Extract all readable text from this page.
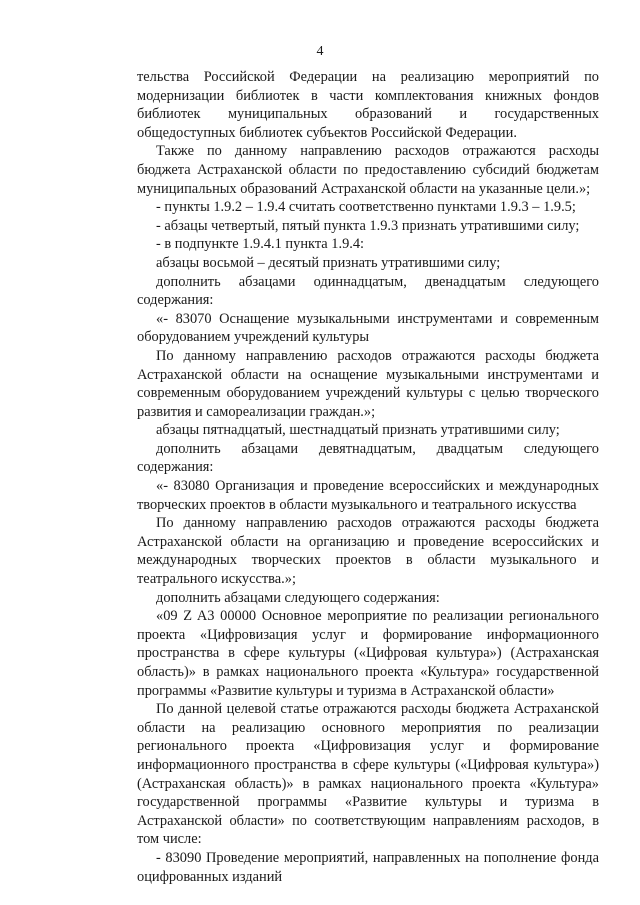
4

тельства Российской Федерации на реализацию мероприятий по модернизации библиотек в части комплектования книжных фондов библиотек муниципальных образований и государственных общедоступных библиотек субъектов Российской Федерации.

Также по данному направлению расходов отражаются расходы бюджета Астраханской области по предоставлению субсидий бюджетам муниципальных образований Астраханской области на указанные цели.»;

- пункты 1.9.2 – 1.9.4 считать соответственно пунктами 1.9.3 – 1.9.5;

- абзацы четвертый, пятый пункта 1.9.3 признать утратившими силу;

- в подпункте 1.9.4.1 пункта 1.9.4:

абзацы восьмой – десятый признать утратившими силу;

дополнить абзацами одиннадцатым, двенадцатым следующего содержания:

«- 83070 Оснащение музыкальными инструментами и современным оборудованием учреждений культуры

По данному направлению расходов отражаются расходы бюджета Астраханской области на оснащение музыкальными инструментами и современным оборудованием учреждений культуры с целью творческого развития и самореализации граждан.»;

абзацы пятнадцатый, шестнадцатый признать утратившими силу;

дополнить абзацами девятнадцатым, двадцатым следующего содержания:

«- 83080 Организация и проведение всероссийских и международных творческих проектов в области музыкального и театрального искусства

По данному направлению расходов отражаются расходы бюджета Астраханской области на организацию и проведение всероссийских и международных творческих проектов в области музыкального и театрального искусства.»;

дополнить абзацами следующего содержания:

«09 Z A3 00000 Основное мероприятие по реализации регионального проекта «Цифровизация услуг и формирование информационного пространства в сфере культуры («Цифровая культура») (Астраханская область)» в рамках национального проекта «Культура» государственной программы «Развитие культуры и туризма в Астраханской области»

По данной целевой статье отражаются расходы бюджета Астраханской области на реализацию основного мероприятия по реализации регионального проекта «Цифровизация услуг и формирование информационного пространства в сфере культуры («Цифровая культура») (Астраханская область)» в рамках национального проекта «Культура» государственной программы «Развитие культуры и туризма в Астраханской области» по соответствующим направлениям расходов, в том числе:

- 83090 Проведение мероприятий, направленных на пополнение фонда оцифрованных изданий
